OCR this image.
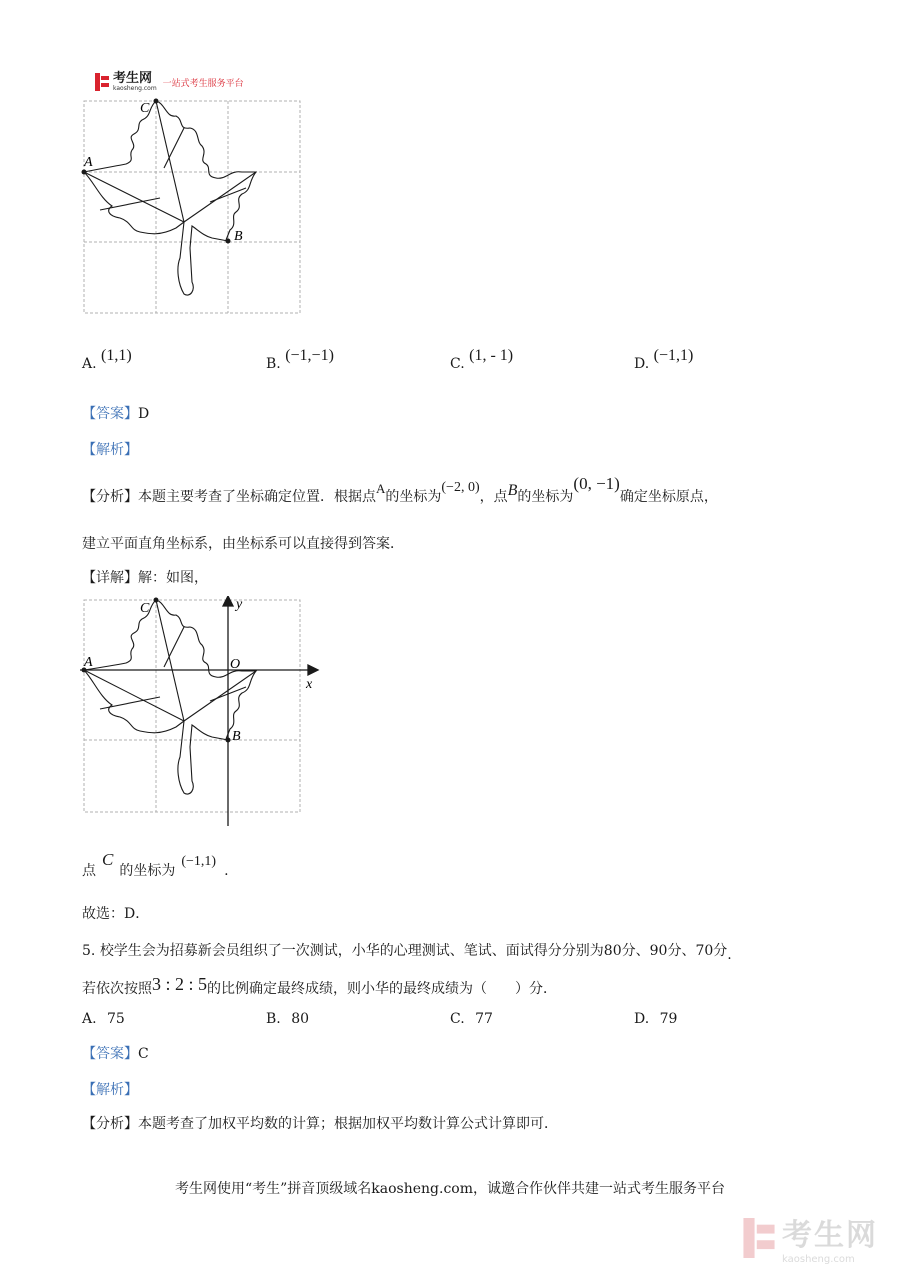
考生网
kaosheng.com 一站式考生服务平台
C
A
B
A. (1,1)	B. (−1,−1)	C. (1, - 1)	D. (−1,1)
【答案】D
【解析】
【分析】本题主要考查了坐标确定位置．根据点A的坐标为(−2, 0)，点B的坐标为(0, −1)确定坐标原点，
建立平面直角坐标系，由坐标系可以直接得到答案．
【详解】解：如图，
C
A
B
O
x
y
点C的坐标为(−1,1).
故选：D．
5. 校学生会为招募新会员组织了一次测试，小华的心理测试、笔试、面试得分分别为80分、90分、70分.
若依次按照3 : 2 : 5的比例确定最终成绩，则小华的最终成绩为（　　）分．
A. 75	B. 80	C. 77	D. 79
【答案】C
【解析】
【分析】本题考查了加权平均数的计算；根据加权平均数计算公式计算即可．
考生网使用“考生”拼音顶级域名kaosheng.com，诚邀合作伙伴共建一站式考生服务平台
考生网
kaosheng.com
